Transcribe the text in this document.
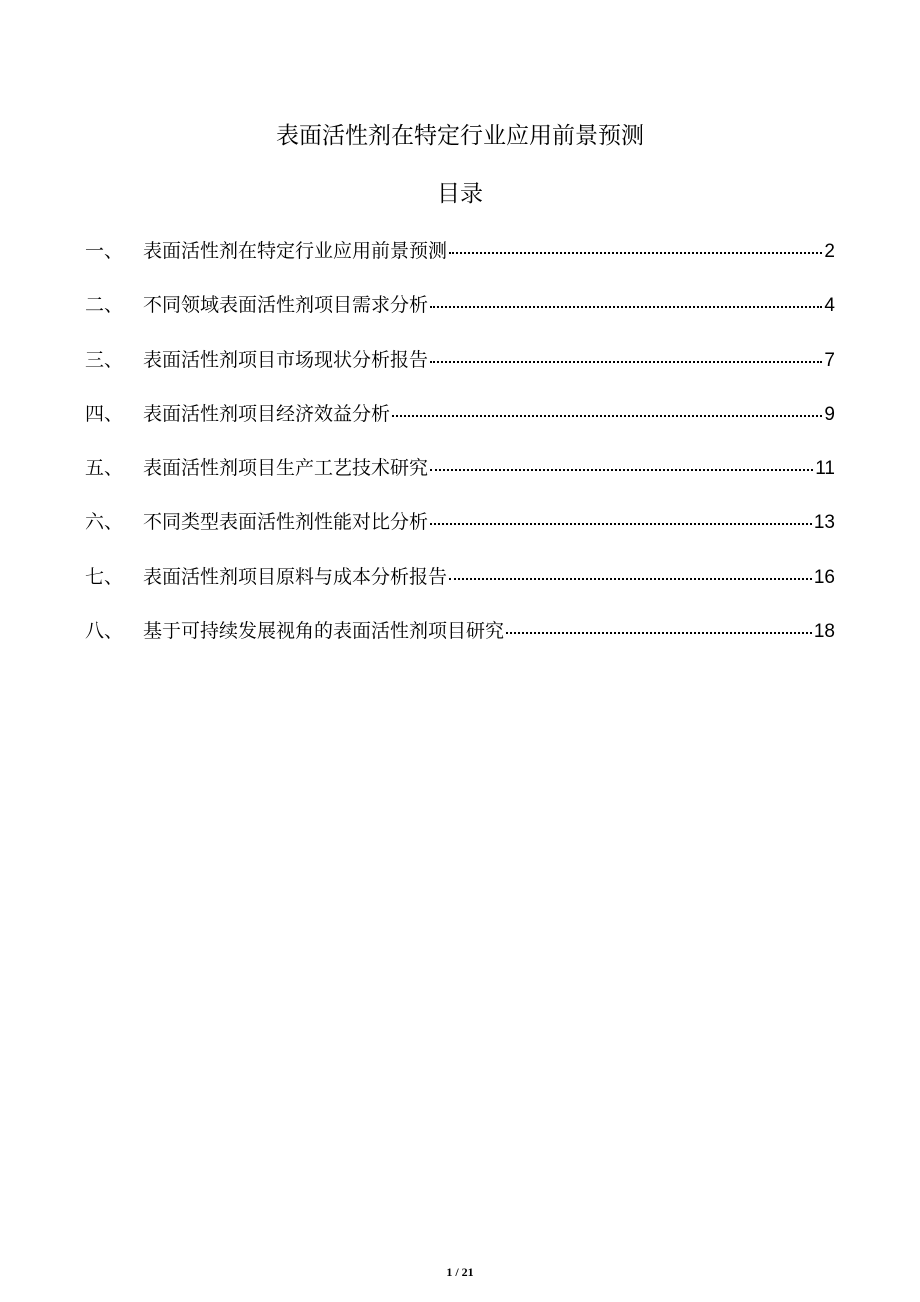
表面活性剂在特定行业应用前景预测
目录
一、	表面活性剂在特定行业应用前景预测	2
二、	不同领域表面活性剂项目需求分析	4
三、	表面活性剂项目市场现状分析报告	7
四、	表面活性剂项目经济效益分析	9
五、	表面活性剂项目生产工艺技术研究	11
六、	不同类型表面活性剂性能对比分析	13
七、	表面活性剂项目原料与成本分析报告	16
八、	基于可持续发展视角的表面活性剂项目研究	18
1 / 21
